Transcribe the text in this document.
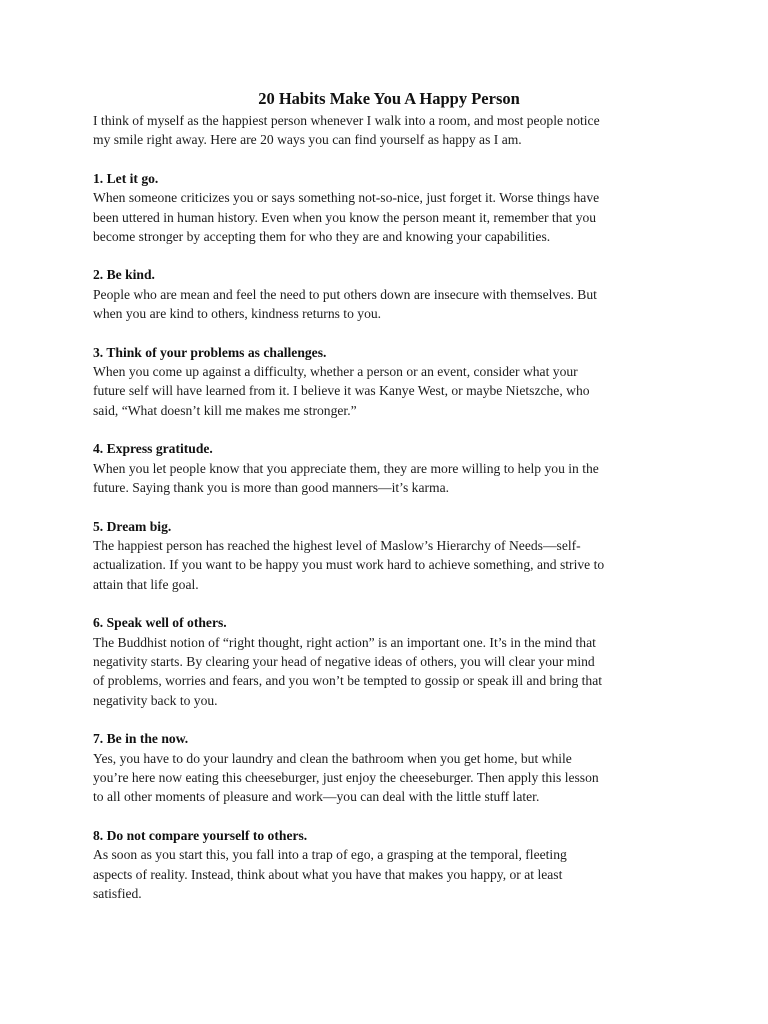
20 Habits Make You A Happy Person

I think of myself as the happiest person whenever I walk into a room, and most people notice
my smile right away. Here are 20 ways you can find yourself as happy as I am.

1. Let it go.

When someone criticizes you or says something not-so-nice, just forget it. Worse things have
been uttered in human history. Even when you know the person meant it, remember that you
become stronger by accepting them for who they are and knowing your capabilities.

2. Be kind.

People who are mean and feel the need to put others down are insecure with themselves. But
when you are kind to others, kindness returns to you.

3. Think of your problems as challenges.

When you come up against a difficulty, whether a person or an event, consider what your
future self will have learned from it. I believe it was Kanye West, or maybe Nietszche, who
said, “What doesn’t kill me makes me stronger.”

4. Express gratitude.

When you let people know that you appreciate them, they are more willing to help you in the
future. Saying thank you is more than good manners—it’s karma.

5. Dream big.

The happiest person has reached the highest level of Maslow’s Hierarchy of Needs—self-
actualization. If you want to be happy you must work hard to achieve something, and strive to
attain that life goal.

6. Speak well of others.

The Buddhist notion of “right thought, right action” is an important one. It’s in the mind that
negativity starts. By clearing your head of negative ideas of others, you will clear your mind
of problems, worries and fears, and you won’t be tempted to gossip or speak ill and bring that
negativity back to you.

7. Be in the now.

Yes, you have to do your laundry and clean the bathroom when you get home, but while
you’re here now eating this cheeseburger, just enjoy the cheeseburger. Then apply this lesson
to all other moments of pleasure and work—you can deal with the little stuff later.

8. Do not compare yourself to others.

As soon as you start this, you fall into a trap of ego, a grasping at the temporal, fleeting
aspects of reality. Instead, think about what you have that makes you happy, or at least
satisfied.
